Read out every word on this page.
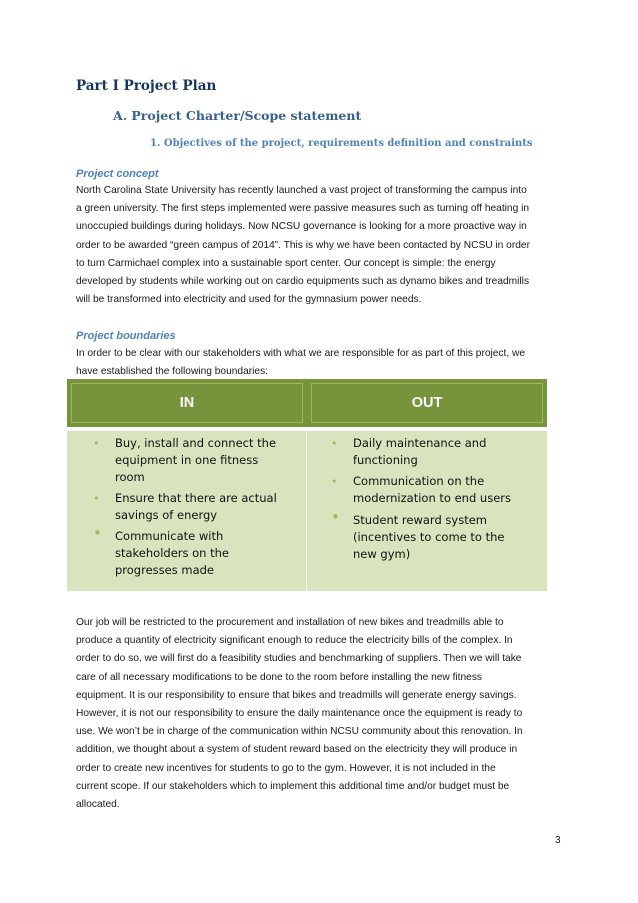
Part I Project Plan
A. Project Charter/Scope statement
1. Objectives of the project, requirements definition and constraints
Project concept
North Carolina State University has recently launched a vast project of transforming the campus into
a green university. The first steps implemented were passive measures such as turning off heating in
unoccupied buildings during holidays. Now NCSU governance is looking for a more proactive way in
order to be awarded “green campus of 2014”. This is why we have been contacted by NCSU in order
to turn Carmichael complex into a sustainable sport center. Our concept is simple: the energy
developed by students while working out on cardio equipments such as dynamo bikes and treadmills
will be transformed into electricity and used for the gymnasium power needs.
Project boundaries
In order to be clear with our stakeholders with what we are responsible for as part of this project, we
have established the following boundaries:
IN	OUT
• Buy, install and connect the
equipment in one fitness
room
• Ensure that there are actual
savings of energy
• Communicate with
stakeholders on the
progresses made
• Daily maintenance and
functioning
• Communication on the
modernization to end users
• Student reward system
(incentives to come to the
new gym)
Our job will be restricted to the procurement and installation of new bikes and treadmills able to
produce a quantity of electricity significant enough to reduce the electricity bills of the complex. In
order to do so, we will first do a feasibility studies and benchmarking of suppliers. Then we will take
care of all necessary modifications to be done to the room before installing the new fitness
equipment. It is our responsibility to ensure that bikes and treadmills will generate energy savings.
However, it is not our responsibility to ensure the daily maintenance once the equipment is ready to
use. We won’t be in charge of the communication within NCSU community about this renovation. In
addition, we thought about a system of student reward based on the electricity they will produce in
order to create new incentives for students to go to the gym. However, it is not included in the
current scope. If our stakeholders which to implement this additional time and/or budget must be
allocated.
3
